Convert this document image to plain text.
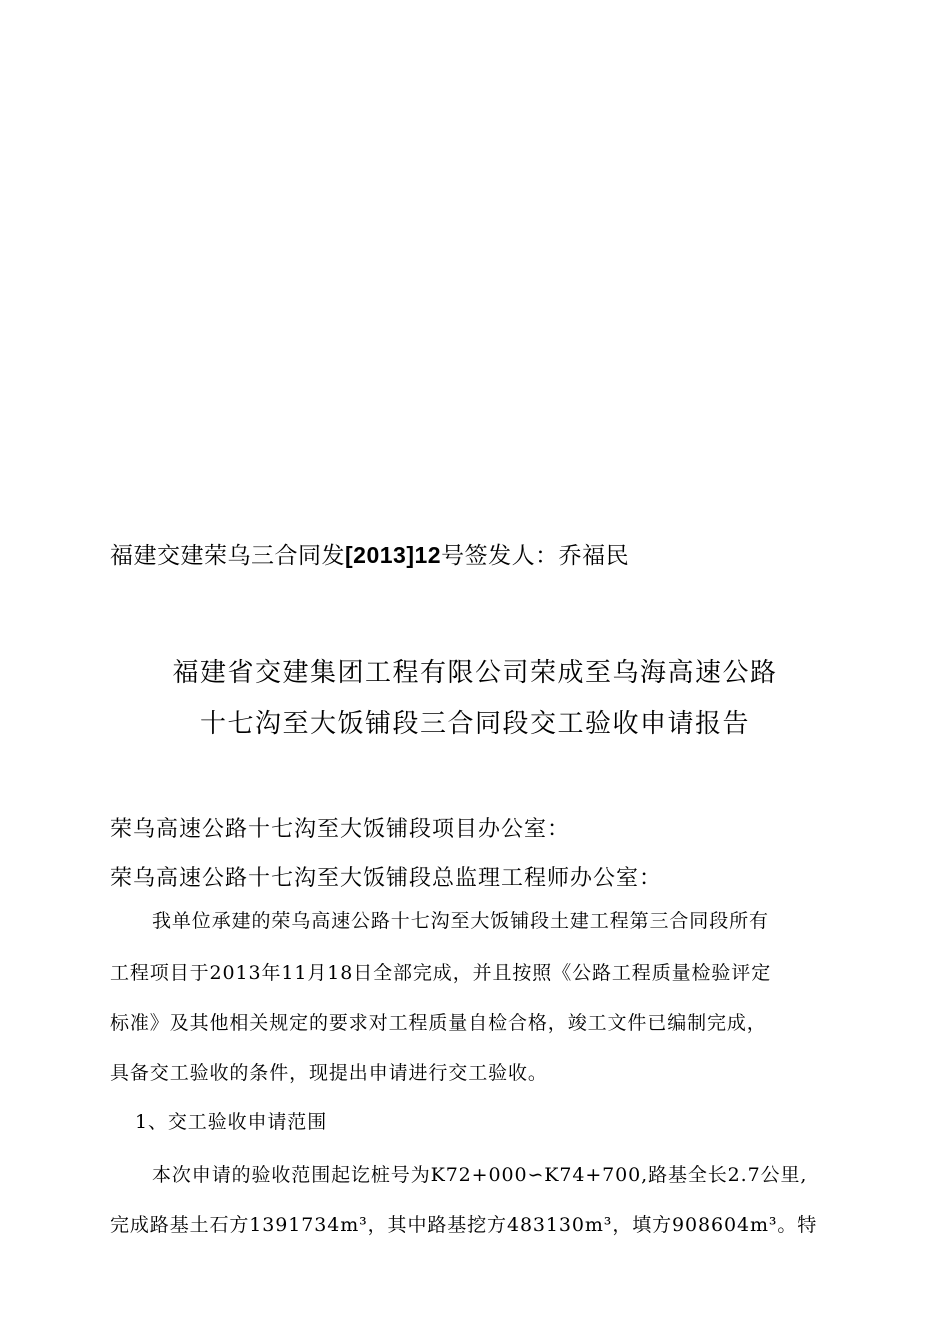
福建交建荣乌三合同发[2013]12号签发人：乔福民
福建省交建集团工程有限公司荣成至乌海高速公路
十七沟至大饭铺段三合同段交工验收申请报告
荣乌高速公路十七沟至大饭铺段项目办公室：
荣乌高速公路十七沟至大饭铺段总监理工程师办公室：
我单位承建的荣乌高速公路十七沟至大饭铺段土建工程第三合同段所有
工程项目于2013年11月18日全部完成，并且按照《公路工程质量检验评定
标准》及其他相关规定的要求对工程质量自检合格，竣工文件已编制完成，
具备交工验收的条件，现提出申请进行交工验收。
1、交工验收申请范围
本次申请的验收范围起讫桩号为K72+000∽K74+700,路基全长2.7公里,
完成路基土石方1391734m³，其中路基挖方483130m³，填方908604m³。特
